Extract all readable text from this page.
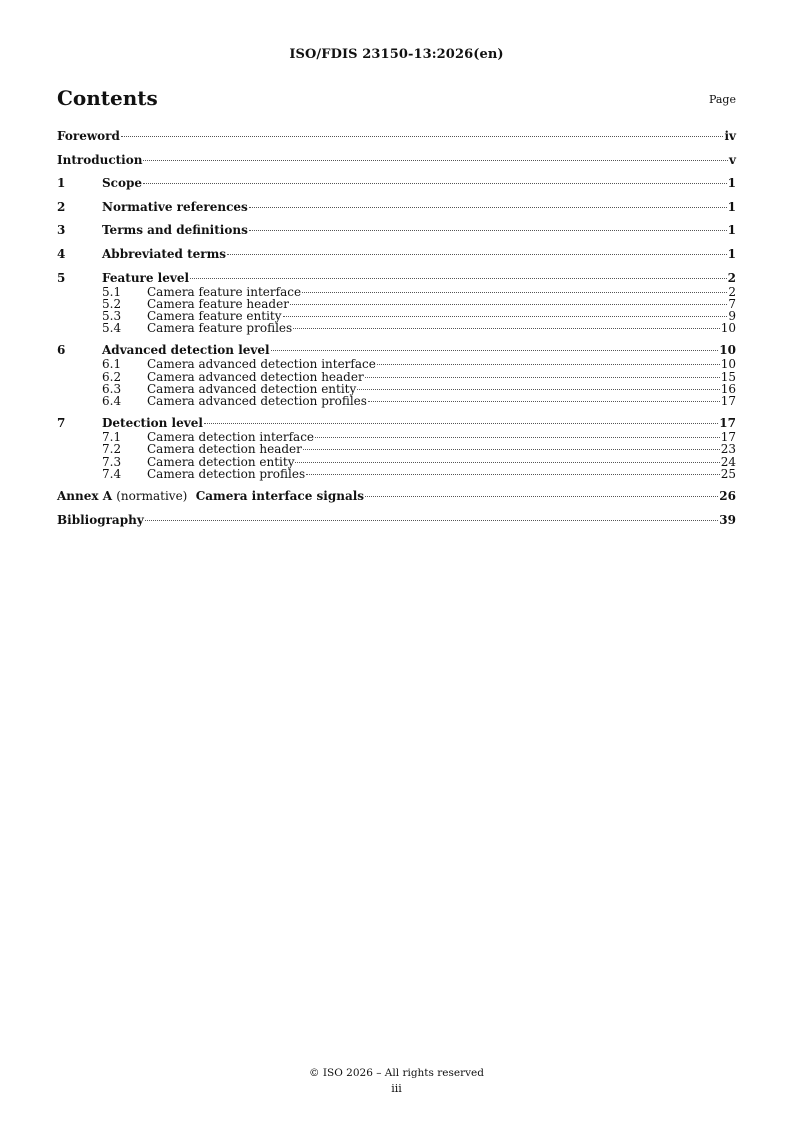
ISO/FDIS 23150-13:2026(en)
Contents	Page
Foreword	iv
Introduction	v
1	Scope	1
2	Normative references	1
3	Terms and definitions	1
4	Abbreviated terms	1
5	Feature level	2
5.1	Camera feature interface	2
5.2	Camera feature header	7
5.3	Camera feature entity	9
5.4	Camera feature profiles	10
6	Advanced detection level	10
6.1	Camera advanced detection interface	10
6.2	Camera advanced detection header	15
6.3	Camera advanced detection entity	16
6.4	Camera advanced detection profiles	17
7	Detection level	17
7.1	Camera detection interface	17
7.2	Camera detection header	23
7.3	Camera detection entity	24
7.4	Camera detection profiles	25
Annex A (normative) Camera interface signals	26
Bibliography	39
© ISO 2026 – All rights reserved
iii
